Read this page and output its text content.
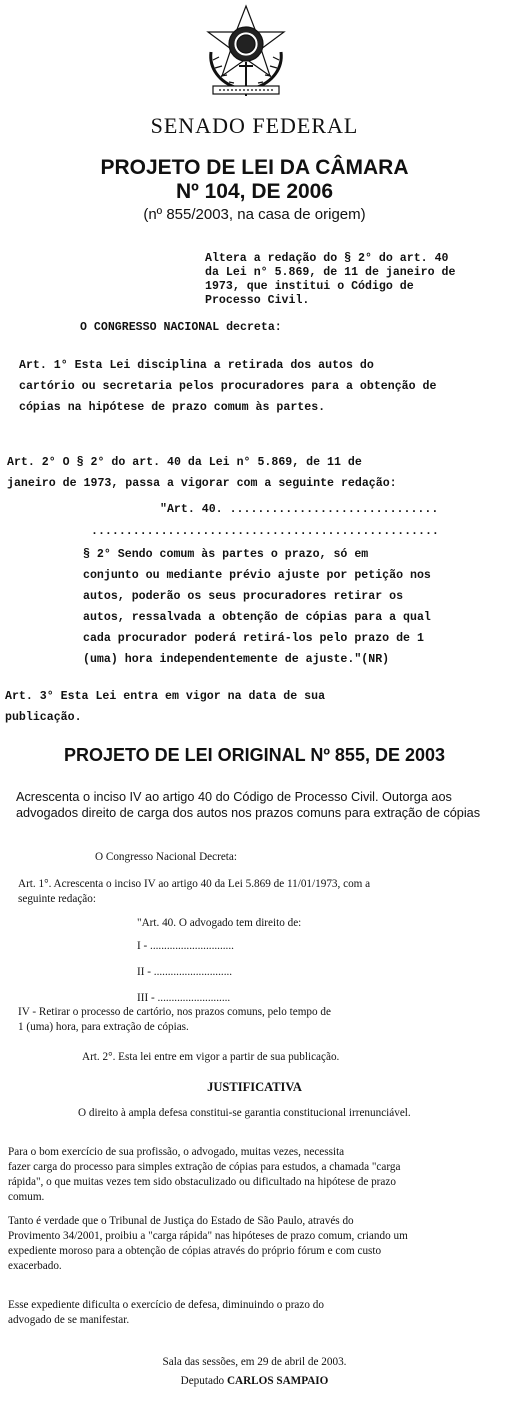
SENADO FEDERAL
PROJETO DE LEI DA CÂMARA
Nº 104, DE 2006
(nº 855/2003, na casa de origem)
Altera a redação do § 2° do art. 40
da Lei n° 5.869, de 11 de janeiro de
1973, que institui o Código de
Processo Civil.
O CONGRESSO NACIONAL decreta:
Art. 1° Esta Lei disciplina a retirada dos autos do
cartório ou secretaria pelos procuradores para a obtenção de
cópias na hipótese de prazo comum às partes.
Art. 2° O § 2° do art. 40 da Lei n° 5.869, de 11 de
janeiro de 1973, passa a vigorar com a seguinte redação:
"Art. 40. ..............................
..................................................
§ 2° Sendo comum às partes o prazo, só em
conjunto ou mediante prévio ajuste por petição nos
autos, poderão os seus procuradores retirar os
autos, ressalvada a obtenção de cópias para a qual
cada procurador poderá retirá-los pelo prazo de 1
(uma) hora independentemente de ajuste."(NR)
Art. 3° Esta Lei entra em vigor na data de sua
publicação.
PROJETO DE LEI ORIGINAL Nº 855, DE 2003
Acrescenta o inciso IV ao artigo 40 do Código de Processo Civil. Outorga aos
advogados direito de carga dos autos nos prazos comuns para extração de cópias
O Congresso Nacional Decreta:
Art. 1°. Acrescenta o inciso IV ao artigo 40 da Lei 5.869 de 11/01/1973, com a
seguinte redação:
"Art. 40. O advogado tem direito de:
I - ..............................
II - ............................
III - ..........................
IV - Retirar o processo de cartório, nos prazos comuns, pelo tempo de
1 (uma) hora, para extração de cópias.
Art. 2°. Esta lei entre em vigor a partir de sua publicação.
JUSTIFICATIVA
O direito à ampla defesa constitui-se garantia constitucional irrenunciável.
Para o bom exercício de sua profissão, o advogado, muitas vezes, necessita
fazer carga do processo para simples extração de cópias para estudos, a chamada "carga
rápida", o que muitas vezes tem sido obstaculizado ou dificultado na hipótese de prazo
comum.
Tanto é verdade que o Tribunal de Justiça do Estado de São Paulo, através do
Provimento 34/2001, proibiu a "carga rápida" nas hipóteses de prazo comum, criando um
expediente moroso para a obtenção de cópias através do próprio fórum e com custo
exacerbado.
Esse expediente dificulta o exercício de defesa, diminuindo o prazo do
advogado de se manifestar.
Sala das sessões, em 29 de abril de 2003.
Deputado CARLOS SAMPAIO
